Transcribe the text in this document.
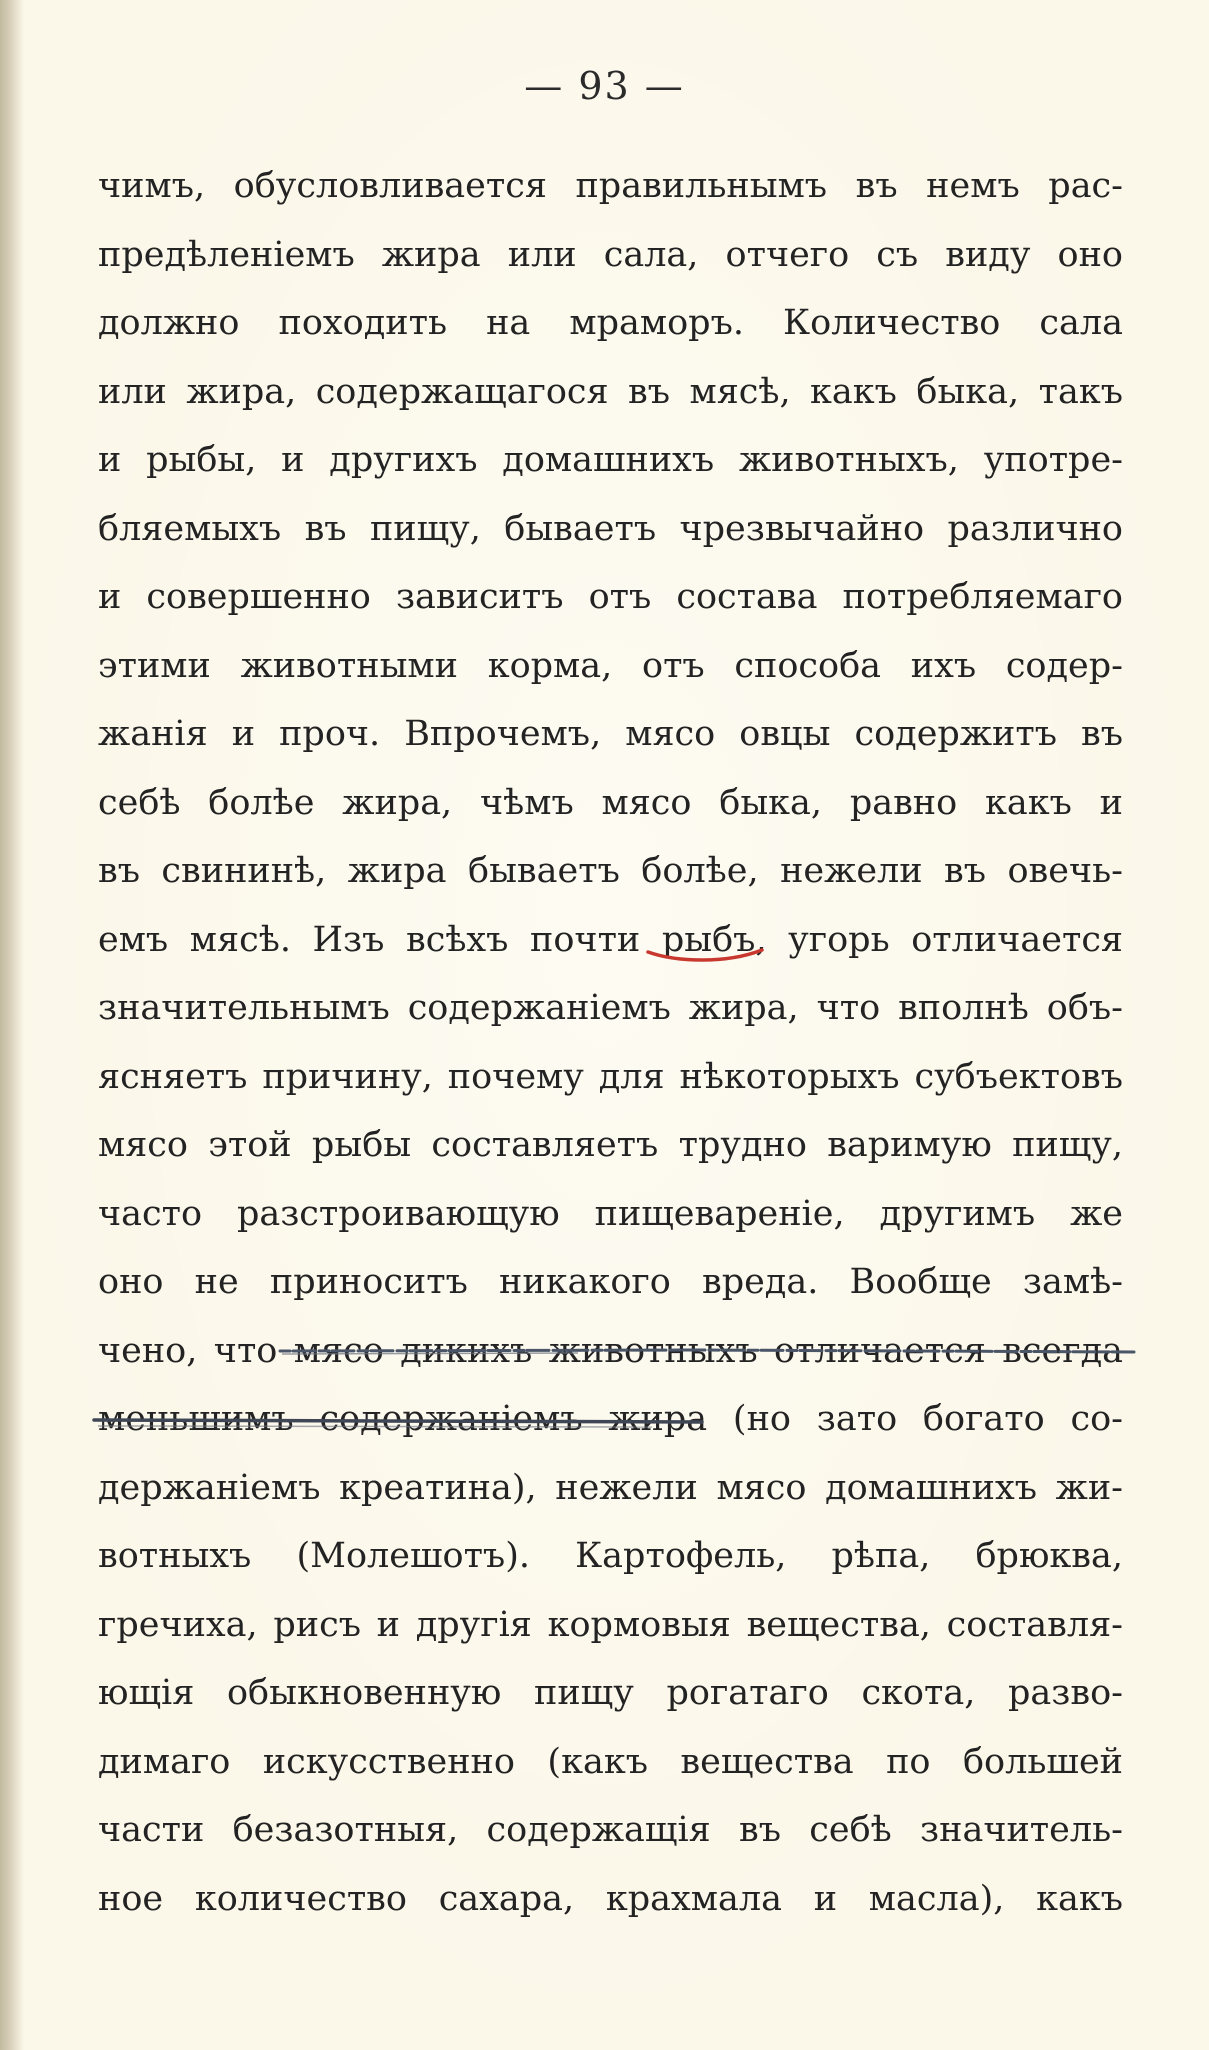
— 93 —
чимъ, обусловливается правильнымъ въ немъ рас-
предѣленіемъ жира или сала, отчего съ виду оно
должно походить на мраморъ. Количество сала
или жира, содержащагося въ мясѣ, какъ быка, такъ
и рыбы, и другихъ домашнихъ животныхъ, употре-
бляемыхъ въ пищу, бываетъ чрезвычайно различно
и совершенно зависитъ отъ состава потребляемаго
этими животными корма, отъ способа ихъ содер-
жанія и проч. Впрочемъ, мясо овцы содержитъ въ
себѣ болѣе жира, чѣмъ мясо быка, равно какъ и
въ свининѣ, жира бываетъ болѣе, нежели въ овечь-
емъ мясѣ. Изъ всѣхъ почти рыбъ, угорь отличается
значительнымъ содержаніемъ жира, что вполнѣ объ-
ясняетъ причину, почему для нѣкоторыхъ субъектовъ
мясо этой рыбы составляетъ трудно варимую пищу,
часто разстроивающую пищевареніе, другимъ же
оно не приноситъ никакого вреда. Вообще замѣ-
чено, что мясо дикихъ животныхъ отличается всегда
меньшимъ содержаніемъ жира (но зато богато со-
держаніемъ креатина), нежели мясо домашнихъ жи-
вотныхъ (Молешотъ). Картофель, рѣпа, брюква,
гречиха, рисъ и другія кормовыя вещества, составля-
ющія обыкновенную пищу рогатаго скота, разво-
димаго искусственно (какъ вещества по большей
части безазотныя, содержащія въ себѣ значитель-
ное количество сахара, крахмала и масла), какъ
